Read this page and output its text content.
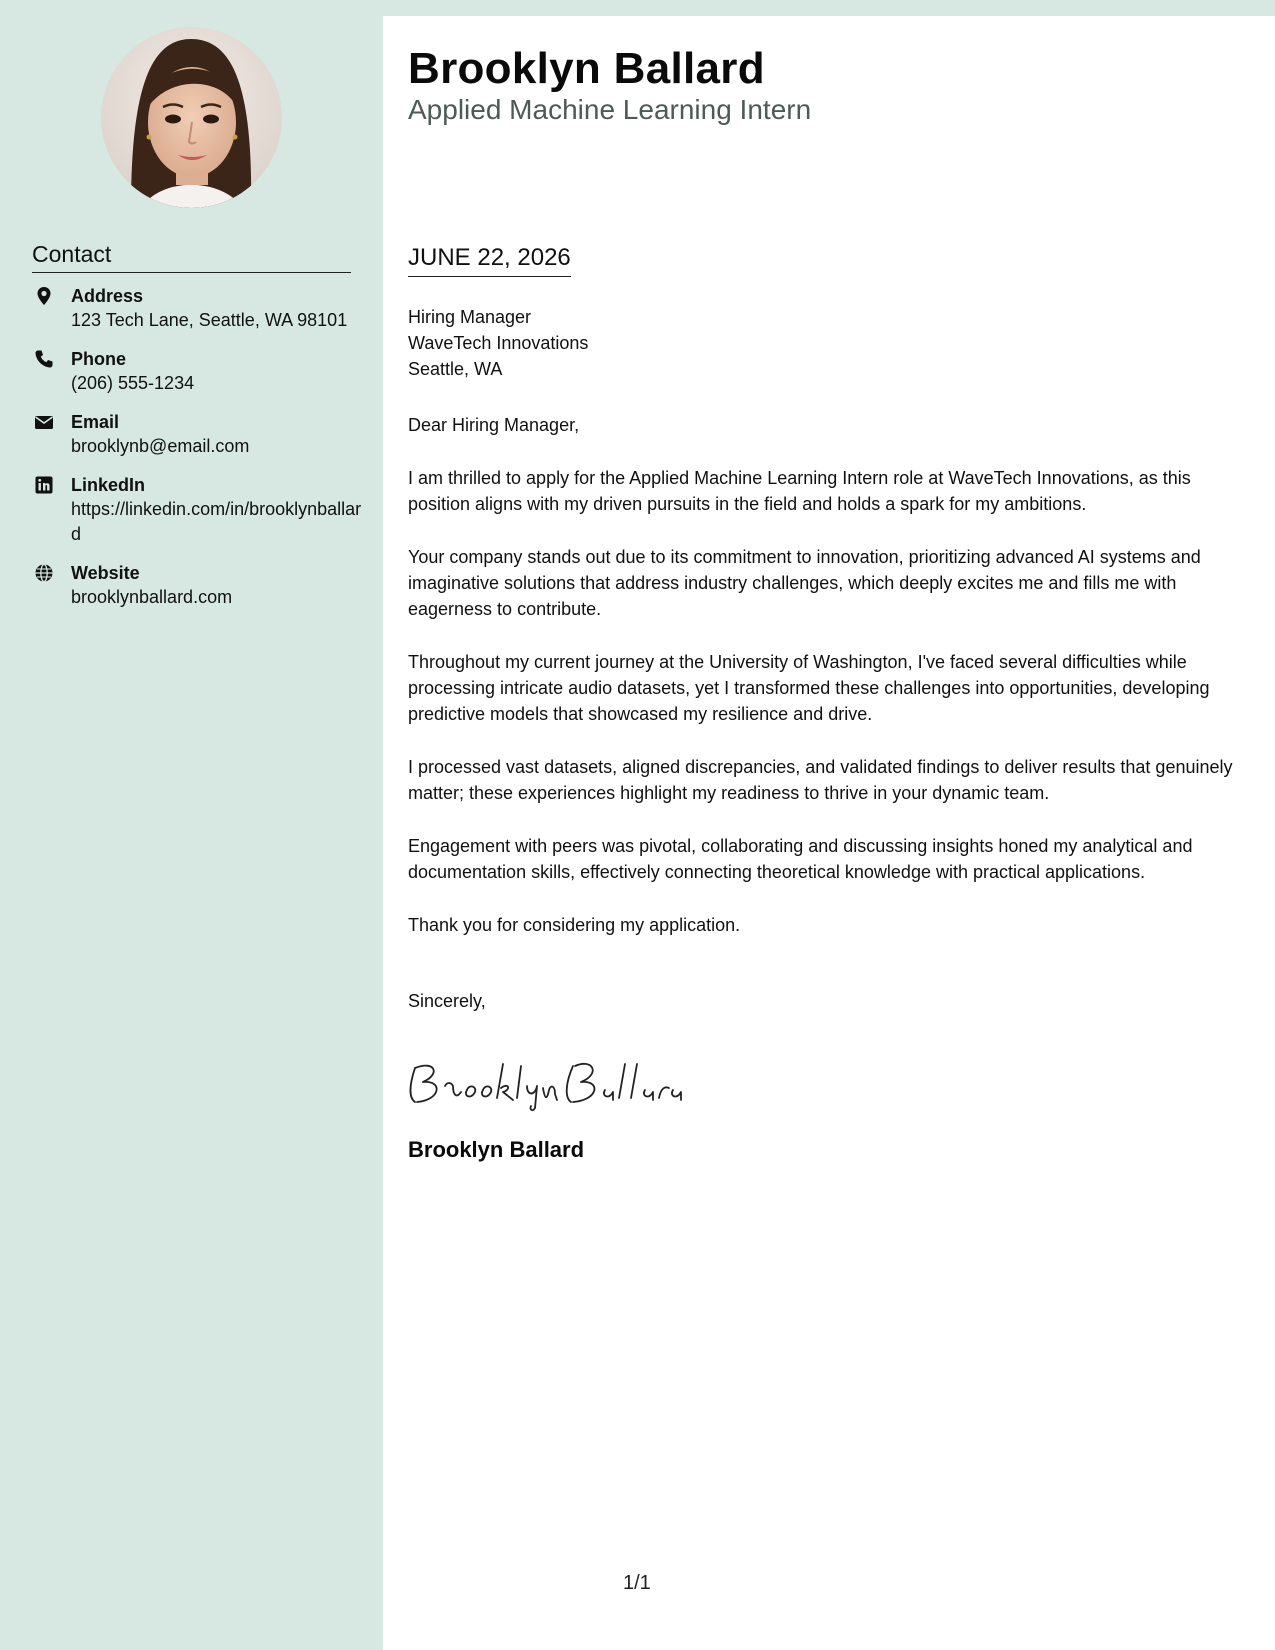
Contact
Address
123 Tech Lane, Seattle, WA 98101
Phone
(206) 555-1234
Email
brooklynb@email.com
LinkedIn
https://linkedin.com/in/brooklynballard
Website
brooklynballard.com
Brooklyn Ballard
Applied Machine Learning Intern
JUNE 22, 2026
Hiring Manager
WaveTech Innovations
Seattle, WA

Dear Hiring Manager,

I am thrilled to apply for the Applied Machine Learning Intern role at WaveTech Innovations, as this position aligns with my driven pursuits in the field and holds a spark for my ambitions.

Your company stands out due to its commitment to innovation, prioritizing advanced AI systems and imaginative solutions that address industry challenges, which deeply excites me and fills me with eagerness to contribute.

Throughout my current journey at the University of Washington, I've faced several difficulties while processing intricate audio datasets, yet I transformed these challenges into opportunities, developing predictive models that showcased my resilience and drive.

I processed vast datasets, aligned discrepancies, and validated findings to deliver results that genuinely matter; these experiences highlight my readiness to thrive in your dynamic team.

Engagement with peers was pivotal, collaborating and discussing insights honed my analytical and documentation skills, effectively connecting theoretical knowledge with practical applications.

Thank you for considering my application.

Sincerely,
Brooklyn Ballard
1/1
